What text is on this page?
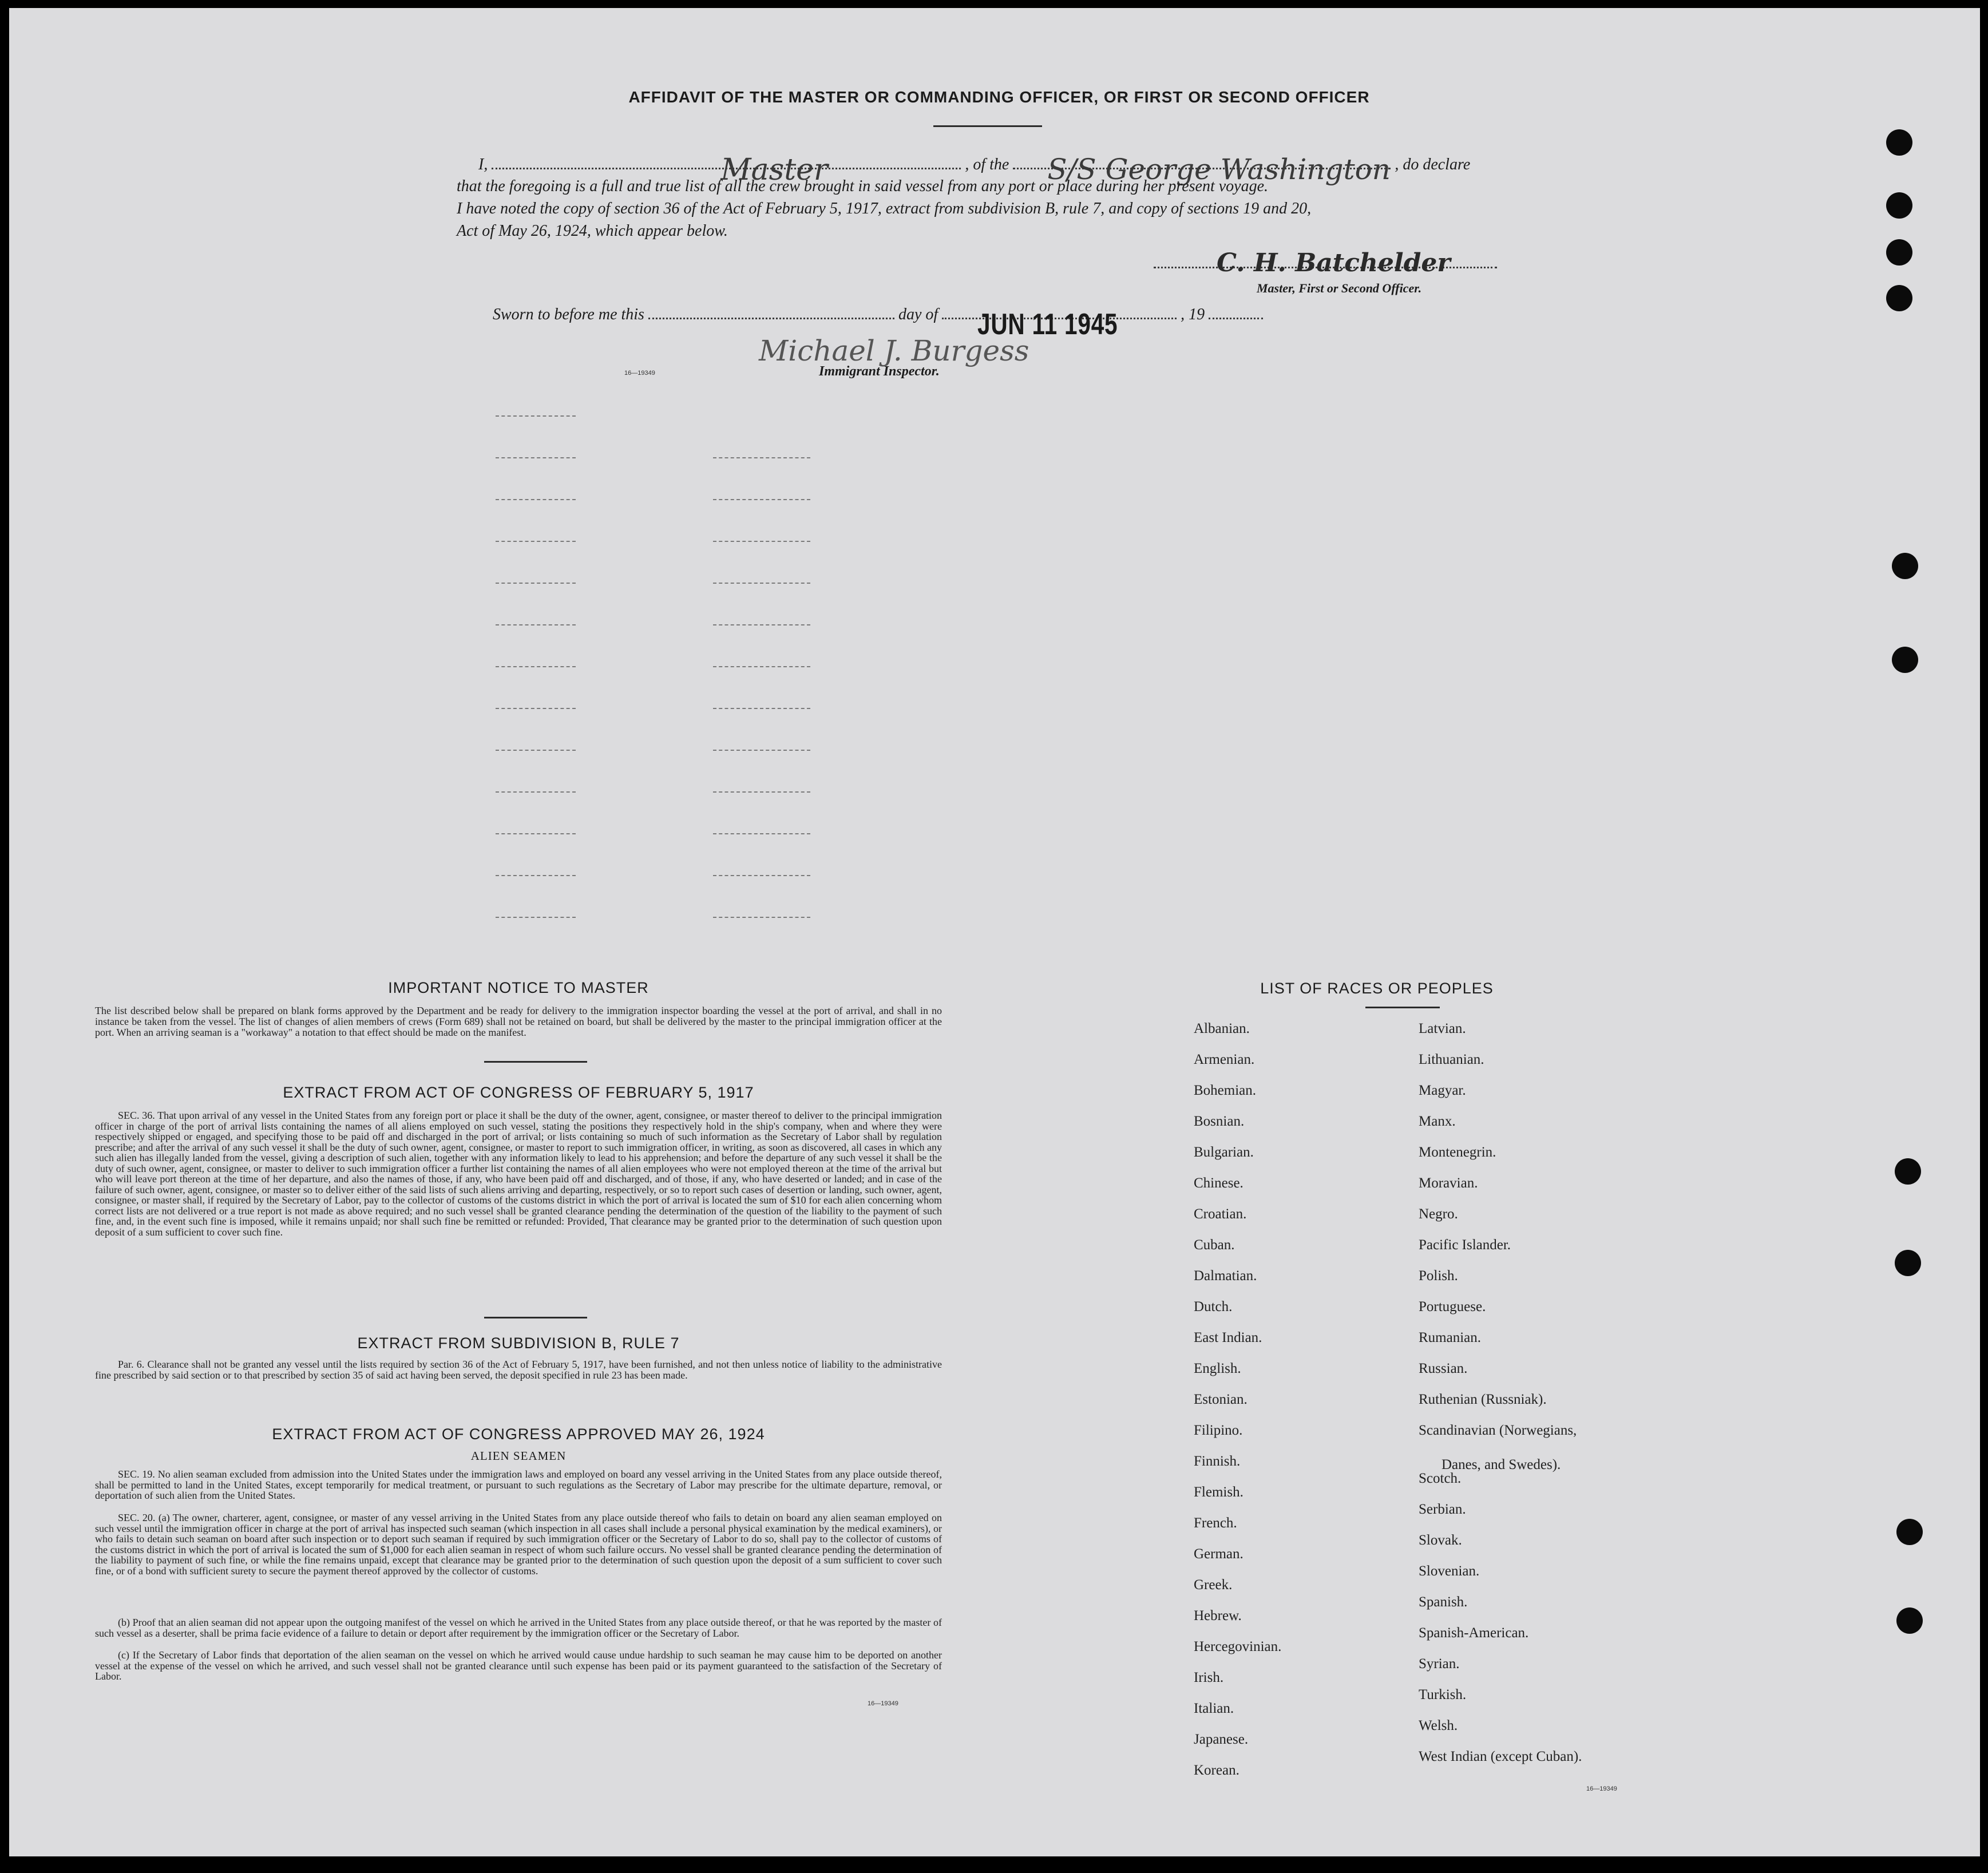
AFFIDAVIT OF THE MASTER OR COMMANDING OFFICER, OR FIRST OR SECOND OFFICER
I,	Master	, of the S/S George Washington , do declare
that the foregoing is a full and true list of all the crew brought in said vessel from any port or place during her present voyage.
I have noted the copy of section 36 of the Act of February 5, 1917, extract from subdivision B, rule 7, and copy of sections 19 and 20,
Act of May 26, 1924, which appear below.
C. H. Batchelder
Master, First or Second Officer.
Sworn to before me this	day of JUN 11 1945	, 19
Michael J. Burgess
16—19349	Immigrant Inspector.
IMPORTANT NOTICE TO MASTER
The list described below shall be prepared on blank forms approved by the Department and be ready for delivery to the immigration inspector boarding the vessel at the port of arrival, and shall in no instance be taken from the vessel. The list of changes of alien members of crews (Form 689) shall not be retained on board, but shall be delivered by the master to the principal immigration officer at the port. When an arriving seaman is a "workaway" a notation to that effect should be made on the manifest.
EXTRACT FROM ACT OF CONGRESS OF FEBRUARY 5, 1917
SEC. 36. That upon arrival of any vessel in the United States from any foreign port or place it shall be the duty of the owner, agent, consignee, or master thereof to deliver to the principal immigration officer in charge of the port of arrival lists containing the names of all aliens employed on such vessel, stating the positions they respectively hold in the ship's company, when and where they were respectively shipped or engaged, and specifying those to be paid off and discharged in the port of arrival; or lists containing so much of such information as the Secretary of Labor shall by regulation prescribe; and after the arrival of any such vessel it shall be the duty of such owner, agent, consignee, or master to report to such immigration officer, in writing, as soon as discovered, all cases in which any such alien has illegally landed from the vessel, giving a description of such alien, together with any information likely to lead to his apprehension; and before the departure of any such vessel it shall be the duty of such owner, agent, consignee, or master to deliver to such immigration officer a further list containing the names of all alien employees who were not employed thereon at the time of the arrival but who will leave port thereon at the time of her departure, and also the names of those, if any, who have been paid off and discharged, and of those, if any, who have deserted or landed; and in case of the failure of such owner, agent, consignee, or master so to deliver either of the said lists of such aliens arriving and departing, respectively, or so to report such cases of desertion or landing, such owner, agent, consignee, or master shall, if required by the Secretary of Labor, pay to the collector of customs of the customs district in which the port of arrival is located the sum of $10 for each alien concerning whom correct lists are not delivered or a true report is not made as above required; and no such vessel shall be granted clearance pending the determination of the question of the liability to the payment of such fine, and, in the event such fine is imposed, while it remains unpaid; nor shall such fine be remitted or refunded: Provided, That clearance may be granted prior to the determination of such question upon deposit of a sum sufficient to cover such fine.
EXTRACT FROM SUBDIVISION B, RULE 7
Par. 6. Clearance shall not be granted any vessel until the lists required by section 36 of the Act of February 5, 1917, have been furnished, and not then unless notice of liability to the administrative fine prescribed by said section or to that prescribed by section 35 of said act having been served, the deposit specified in rule 23 has been made.
EXTRACT FROM ACT OF CONGRESS APPROVED MAY 26, 1924
ALIEN SEAMEN
SEC. 19. No alien seaman excluded from admission into the United States under the immigration laws and employed on board any vessel arriving in the United States from any place outside thereof, shall be permitted to land in the United States, except temporarily for medical treatment, or pursuant to such regulations as the Secretary of Labor may prescribe for the ultimate departure, removal, or deportation of such alien from the United States.
SEC. 20. (a) The owner, charterer, agent, consignee, or master of any vessel arriving in the United States from any place outside thereof who fails to detain on board any alien seaman employed on such vessel until the immigration officer in charge at the port of arrival has inspected such seaman (which inspection in all cases shall include a personal physical examination by the medical examiners), or who fails to detain such seaman on board after such inspection or to deport such seaman if required by such immigration officer or the Secretary of Labor to do so, shall pay to the collector of customs of the customs district in which the port of arrival is located the sum of $1,000 for each alien seaman in respect of whom such failure occurs. No vessel shall be granted clearance pending the determination of the liability to payment of such fine, or while the fine remains unpaid, except that clearance may be granted prior to the determination of such question upon the deposit of a sum sufficient to cover such fine, or of a bond with sufficient surety to secure the payment thereof approved by the collector of customs.
(b) Proof that an alien seaman did not appear upon the outgoing manifest of the vessel on which he arrived in the United States from any place outside thereof, or that he was reported by the master of such vessel as a deserter, shall be prima facie evidence of a failure to detain or deport after requirement by the immigration officer or the Secretary of Labor.
(c) If the Secretary of Labor finds that deportation of the alien seaman on the vessel on which he arrived would cause undue hardship to such seaman he may cause him to be deported on another vessel at the expense of the vessel on which he arrived, and such vessel shall not be granted clearance until such expense has been paid or its payment guaranteed to the satisfaction of the Secretary of Labor.
16—19349
LIST OF RACES OR PEOPLES
Albanian.
Armenian.
Bohemian.
Bosnian.
Bulgarian.
Chinese.
Croatian.
Cuban.
Dalmatian.
Dutch.
East Indian.
English.
Estonian.
Filipino.
Finnish.
Flemish.
French.
German.
Greek.
Hebrew.
Hercegovinian.
Irish.
Italian.
Japanese.
Korean.
Latvian.
Lithuanian.
Magyar.
Manx.
Montenegrin.
Moravian.
Negro.
Pacific Islander.
Polish.
Portuguese.
Rumanian.
Russian.
Ruthenian (Russniak).
Scandinavian (Norwegians,
Danes, and Swedes).
Scotch.
Serbian.
Slovak.
Slovenian.
Spanish.
Spanish-American.
Syrian.
Turkish.
Welsh.
West Indian (except Cuban).
16—19349
